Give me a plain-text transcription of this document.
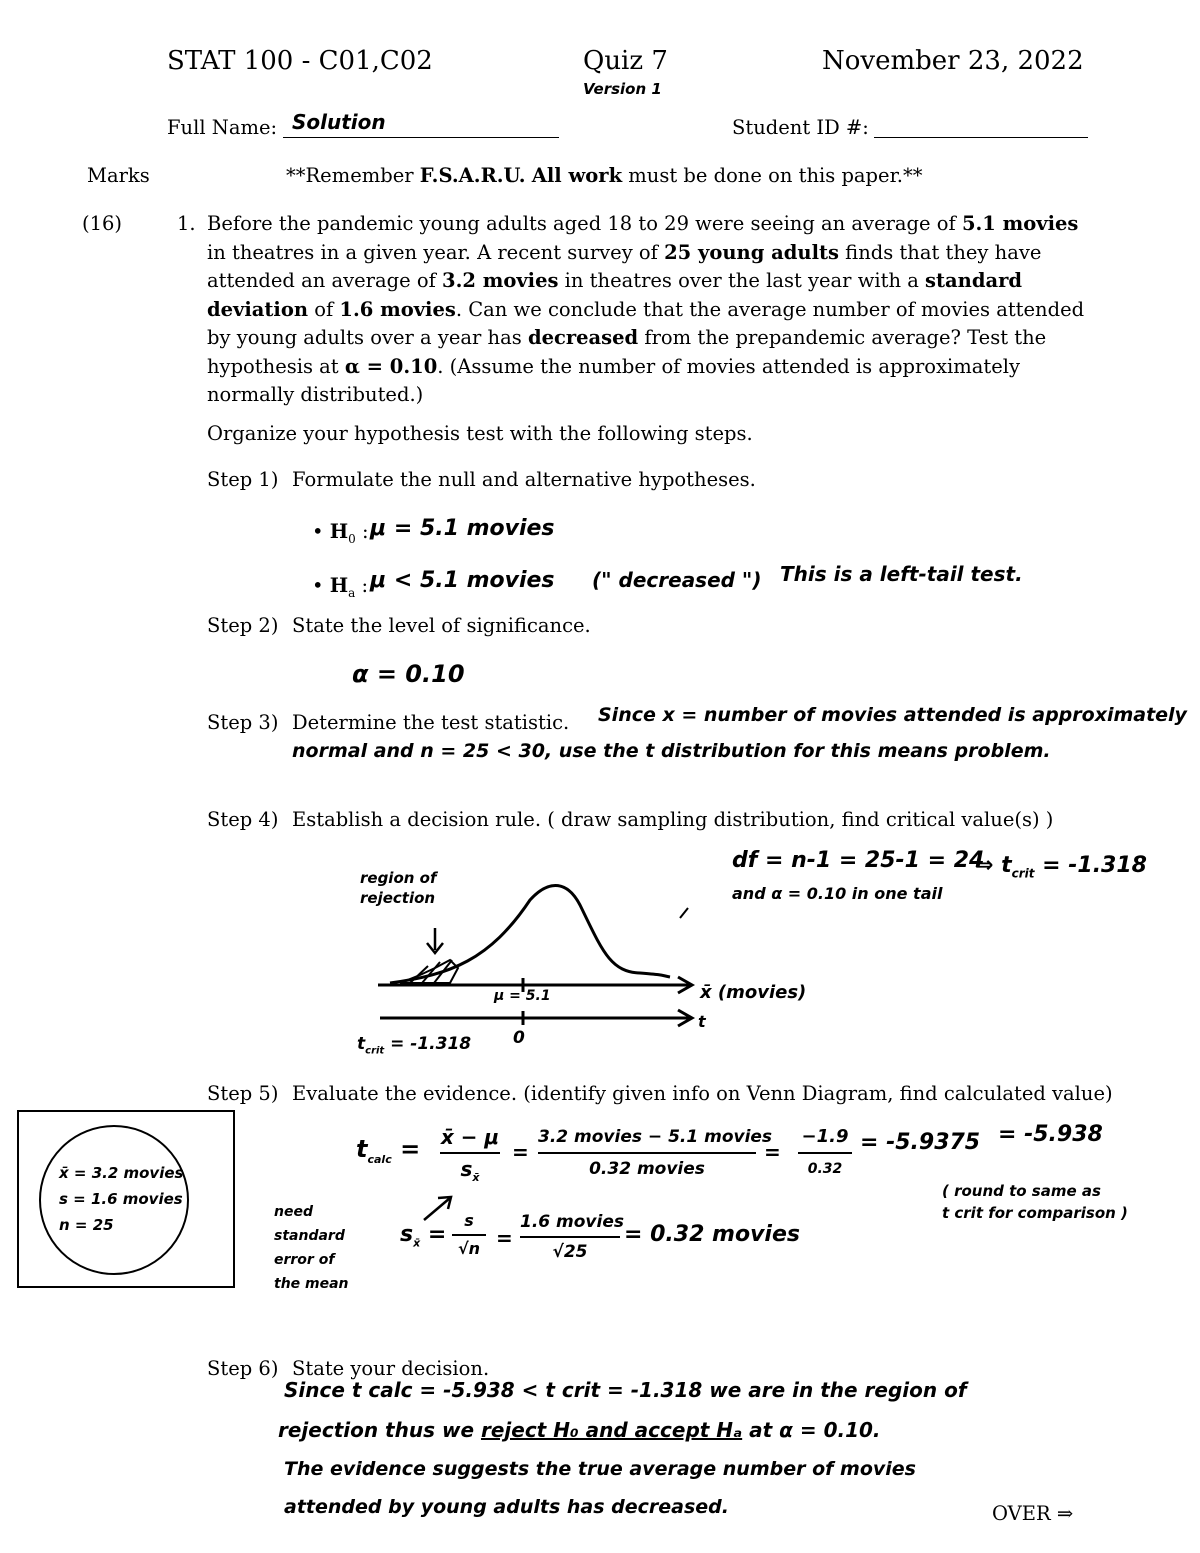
STAT 100 - C01,C02	Quiz 7
Version 1
November 23, 2022
Full Name: Solution	Student ID #:
Marks	**Remember F.S.A.R.U. All work must be done on this paper.**
(16)	1. Before the pandemic young adults aged 18 to 29 were seeing an average of 5.1 movies in theatres in a given year. A recent survey of 25 young adults finds that they have attended an average of 3.2 movies in theatres over the last year with a standard deviation of 1.6 movies. Can we conclude that the average number of movies attended by young adults over a year has decreased from the prepandemic average? Test the hypothesis at α = 0.10. (Assume the number of movies attended is approximately normally distributed.)
Organize your hypothesis test with the following steps.
Step 1) Formulate the null and alternative hypotheses.
• $H_0$ : μ = 5.1 movies
• $H_a$ : μ < 5.1 movies (" decreased ") This is a left-tail test.
Step 2) State the level of significance.
α = 0.10
Step 3) Determine the test statistic. Since x = number of movies attended is approximately
normal and n = 25 < 30, use the t distribution for this means problem.
Step 4) Establish a decision rule. ( draw sampling distribution, find critical value(s) )
df = n-1 = 25-1 = 24
and α = 0.10 in one tail
⇒ $t_{crit} = -1.318$
region of
rejection
x̄ (movies)
t
μ = 5.1
0
$t_{crit} = -1.318$
Step 5) Evaluate the evidence. (identify given info on Venn Diagram, find calculated value)
x̄ = 3.2 movies
s = 1.6 movies
n = 25
$t_{calc}$ = x̄ − μ
$s_{x̄}$
=
3.2 movies − 5.1 movies
0.32 movies
=
−1.9
0.32
= -5.9375 = -5.938
( round to same as
t crit for comparison )
need
standard
error of
the mean
$s_{x̄}$ =
s
√n =
1.6 movies
√25
= 0.32 movies
Step 6) State your decision.
Since t calc = -5.938 < t crit = -1.318 we are in the region of
rejection thus we reject H₀ and accept Hₐ at α = 0.10.
The evidence suggests the true average number of movies
attended by young adults has decreased.	OVER ⇒
